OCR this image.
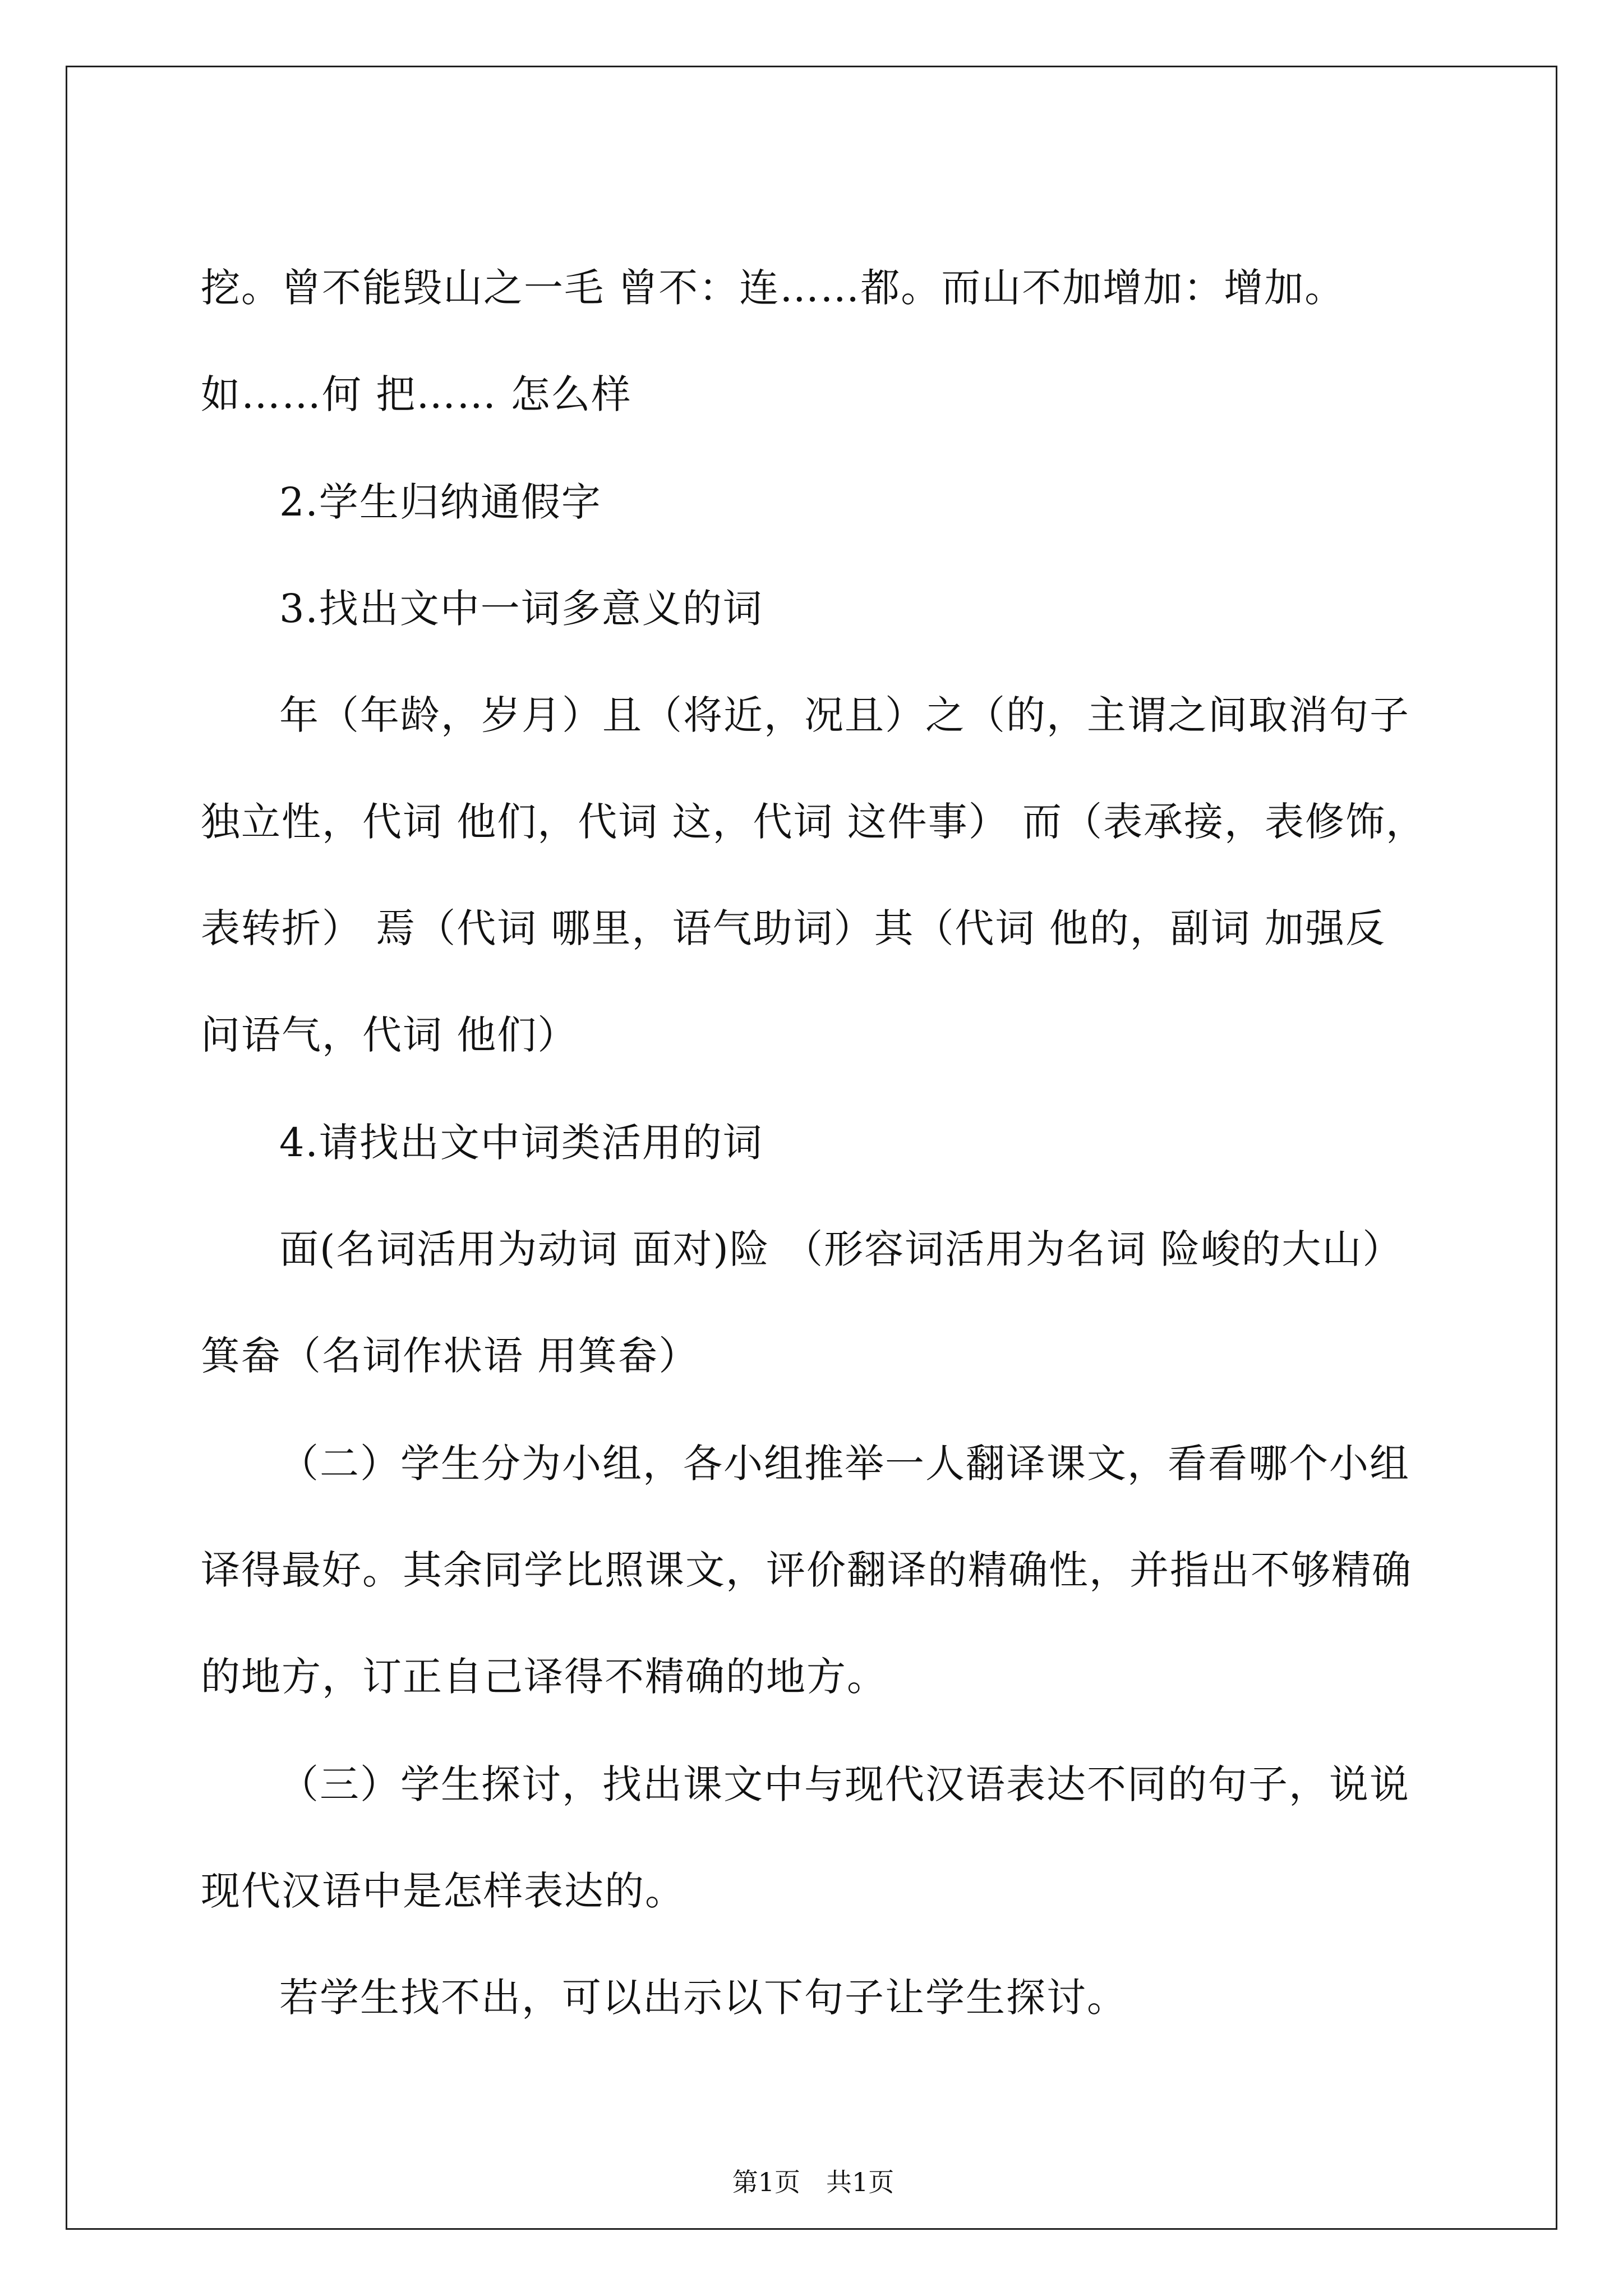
挖。曾不能毁山之一毛 曾不：连……都。而山不加增加：增加。
如……何 把…… 怎么样
2.学生归纳通假字
3.找出文中一词多意义的词
年（年龄，岁月）且（将近，况且）之（的，主谓之间取消句子
独立性，代词 他们，代词 这，代词 这件事） 而（表承接，表修饰，
表转折） 焉（代词 哪里，语气助词）其（代词 他的，副词 加强反
问语气，代词 他们）
4.请找出文中词类活用的词
面(名词活用为动词 面对)险 （形容词活用为名词 险峻的大山）
箕畚（名词作状语 用箕畚）
（二）学生分为小组，各小组推举一人翻译课文，看看哪个小组
译得最好。其余同学比照课文，评价翻译的精确性，并指出不够精确
的地方，订正自己译得不精确的地方。
（三）学生探讨，找出课文中与现代汉语表达不同的句子，说说
现代汉语中是怎样表达的。
若学生找不出，可以出示以下句子让学生探讨。
第1页　共1页
